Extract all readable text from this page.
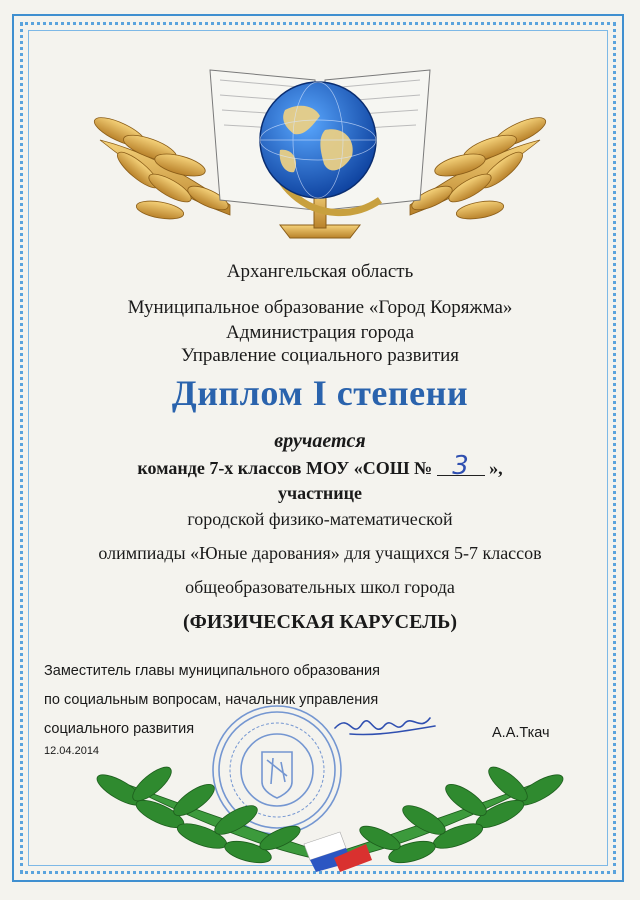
Архангельская область
Муниципальное образование «Город Коряжма»
Администрация города
Управление социального развития
Диплом I степени
вручается
команде 7-х классов МОУ «СОШ № 3 »,
участнице
городской физико-математической
олимпиады «Юные дарования» для учащихся 5-7 классов
общеобразовательных школ города
(ФИЗИЧЕСКАЯ КАРУСЕЛЬ)
Заместитель главы муниципального образования
по социальным вопросам, начальник управления
социального развития	А.А.Ткач
12.04.2014
